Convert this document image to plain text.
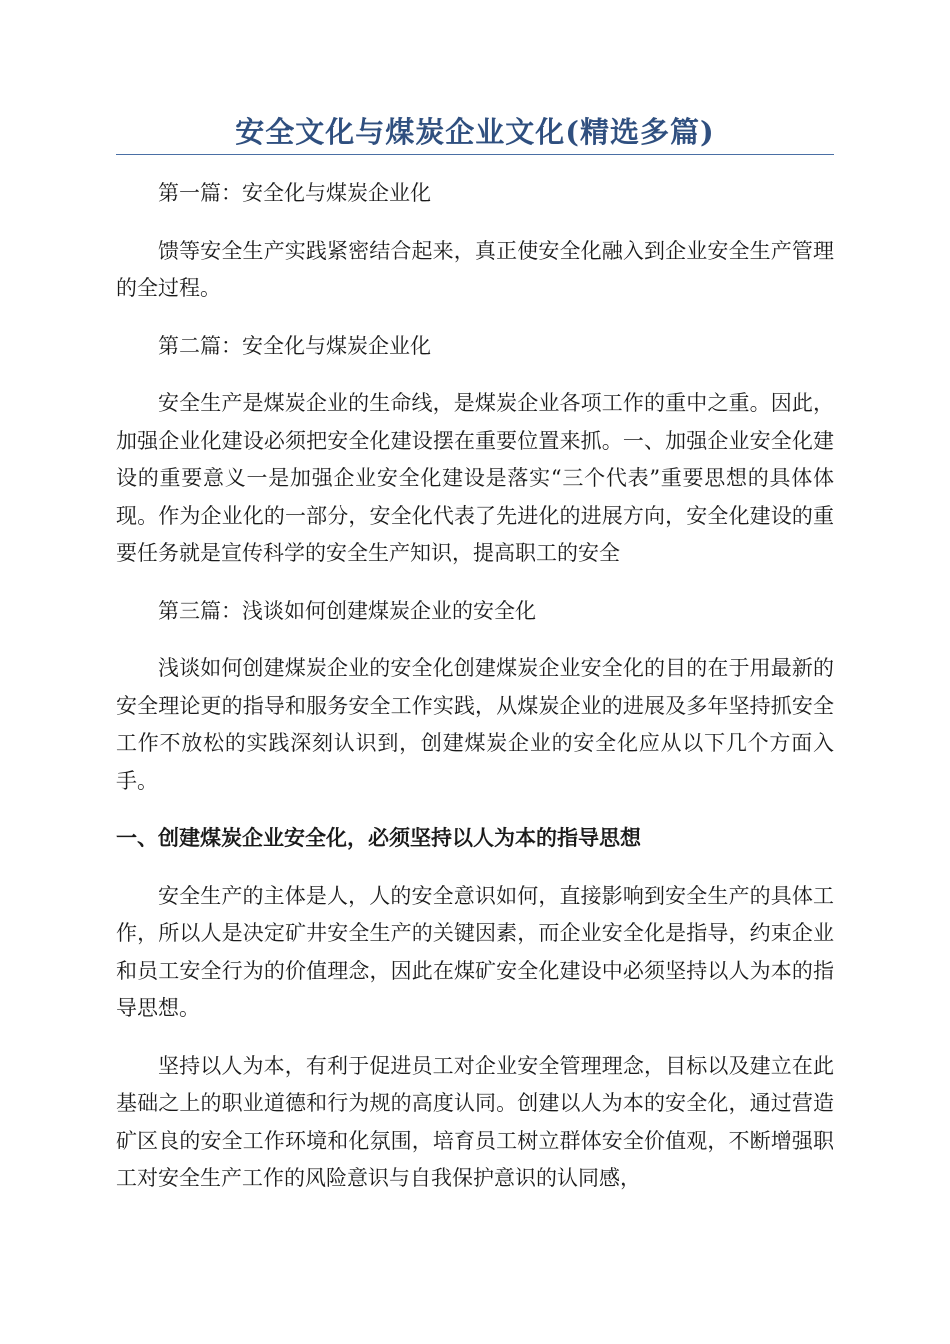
安全文化与煤炭企业文化(精选多篇)

第一篇：安全化与煤炭企业化

馈等安全生产实践紧密结合起来，真正使安全化融入到企业安全生产管理的全过程。

第二篇：安全化与煤炭企业化

安全生产是煤炭企业的生命线，是煤炭企业各项工作的重中之重。因此，加强企业化建设必须把安全化建设摆在重要位置来抓。一、加强企业安全化建设的重要意义一是加强企业安全化建设是落实“三个代表”重要思想的具体体现。作为企业化的一部分，安全化代表了先进化的进展方向，安全化建设的重要任务就是宣传科学的安全生产知识，提高职工的安全

第三篇：浅谈如何创建煤炭企业的安全化

浅谈如何创建煤炭企业的安全化创建煤炭企业安全化的目的在于用最新的安全理论更的指导和服务安全工作实践，从煤炭企业的进展及多年坚持抓安全工作不放松的实践深刻认识到，创建煤炭企业的安全化应从以下几个方面入手。

一、创建煤炭企业安全化，必须坚持以人为本的指导思想

安全生产的主体是人，人的安全意识如何，直接影响到安全生产的具体工作，所以人是决定矿井安全生产的关键因素，而企业安全化是指导，约束企业和员工安全行为的价值理念，因此在煤矿安全化建设中必须坚持以人为本的指导思想。

坚持以人为本，有利于促进员工对企业安全管理理念，目标以及建立在此基础之上的职业道德和行为规的高度认同。创建以人为本的安全化，通过营造矿区良的安全工作环境和化氛围，培育员工树立群体安全价值观，不断增强职工对安全生产工作的风险意识与自我保护意识的认同感，
